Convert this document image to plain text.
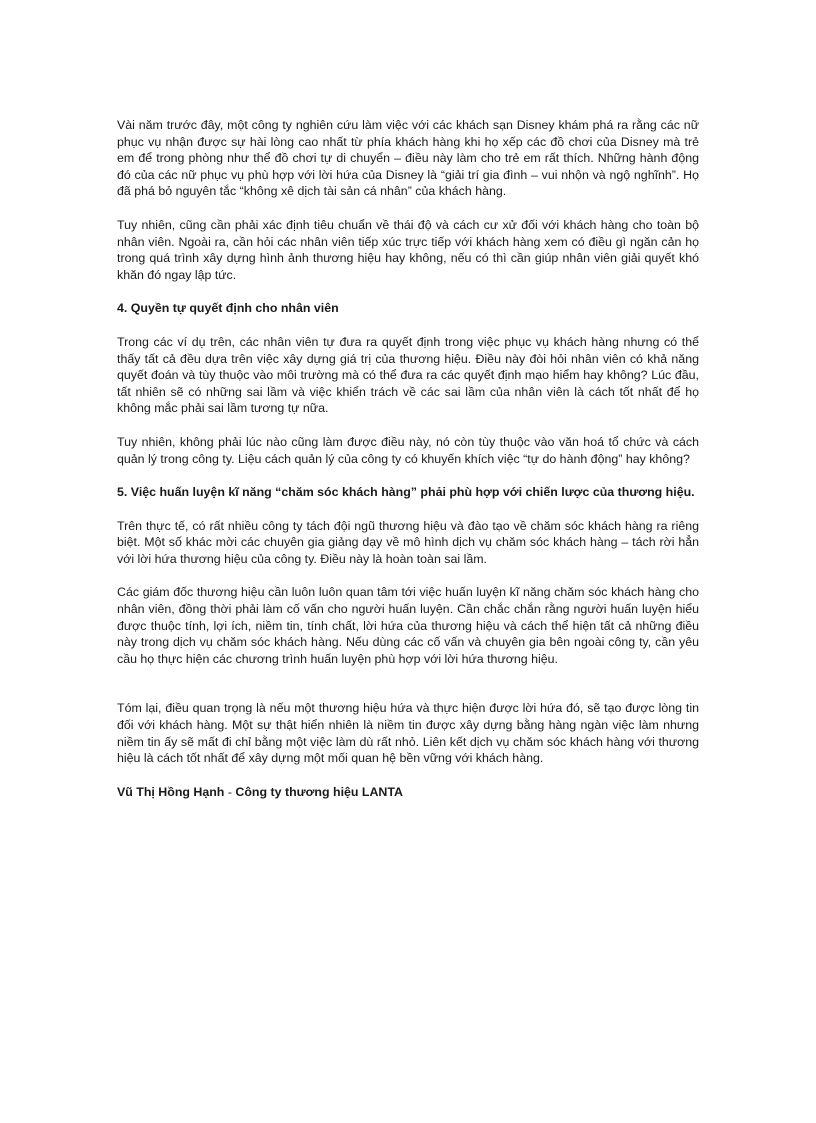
Vài năm trước đây, một công ty nghiên cứu làm việc với các khách sạn Disney khám phá ra rằng các nữ phục vụ nhận được sự hài lòng cao nhất từ phía khách hàng khi họ xếp các đồ chơi của Disney mà trẻ em để trong phòng như thể đồ chơi tự di chuyển – điều này làm cho trẻ em rất thích. Những hành động đó của các nữ phục vụ phù hợp với lời hứa của Disney là “giải trí gia đình – vui nhộn và ngộ nghĩnh”. Họ đã phá bỏ nguyên tắc “không xê dịch tài sản cá nhân” của khách hàng.

Tuy nhiên, cũng cần phải xác định tiêu chuẩn về thái độ và cách cư xử đối với khách hàng cho toàn bộ nhân viên. Ngoài ra, cần hỏi các nhân viên tiếp xúc trực tiếp với khách hàng xem có điều gì ngăn cản họ trong quá trình xây dựng hình ảnh thương hiệu hay không, nếu có thì cần giúp nhân viên giải quyết khó khăn đó ngay lập tức.

4. Quyền tự quyết định cho nhân viên

Trong các ví dụ trên, các nhân viên tự đưa ra quyết định trong việc phục vụ khách hàng nhưng có thể thấy tất cả đều dựa trên việc xây dựng giá trị của thương hiệu. Điều này đòi hỏi nhân viên có khả năng quyết đoán và tùy thuộc vào môi trường mà có thể đưa ra các quyết định mạo hiểm hay không? Lúc đầu, tất nhiên sẽ có những sai lầm và việc khiển trách về các sai lầm của nhân viên là cách tốt nhất để họ không mắc phải sai lầm tương tự nữa.

Tuy nhiên, không phải lúc nào cũng làm được điều này, nó còn tùy thuộc vào văn hoá tổ chức và cách quản lý trong công ty. Liệu cách quản lý của công ty có khuyến khích việc “tự do hành động” hay không?

5. Việc huấn luyện kĩ năng “chăm sóc khách hàng” phải phù hợp với chiến lược của thương hiệu.

Trên thực tế, có rất nhiều công ty tách đội ngũ thương hiệu và đào tạo về chăm sóc khách hàng ra riêng biệt. Một số khác mời các chuyên gia giảng dạy về mô hình dịch vụ chăm sóc khách hàng – tách rời hẳn với lời hứa thương hiệu của công ty. Điều này là hoàn toàn sai lầm.

Các giám đốc thương hiệu cần luôn luôn quan tâm tới việc huấn luyện kĩ năng chăm sóc khách hàng cho nhân viên, đồng thời phải làm cố vấn cho người huấn luyện. Cần chắc chắn rằng người huấn luyện hiểu được thuộc tính, lợi ích, niềm tin, tính chất, lời hứa của thương hiệu và cách thể hiện tất cả những điều này trong dịch vụ chăm sóc khách hàng. Nếu dùng các cố vấn và chuyên gia bên ngoài công ty, cần yêu cầu họ thực hiện các chương trình huấn luyện phù hợp với lời hứa thương hiệu.

Tóm lại, điều quan trọng là nếu một thương hiệu hứa và thực hiện được lời hứa đó, sẽ tạo được lòng tin đối với khách hàng. Một sự thật hiển nhiên là niềm tin được xây dựng bằng hàng ngàn việc làm nhưng niềm tin ấy sẽ mất đi chỉ bằng một việc làm dù rất nhỏ. Liên kết dịch vụ chăm sóc khách hàng với thương hiệu là cách tốt nhất để xây dựng một mối quan hệ bền vững với khách hàng.

Vũ Thị Hồng Hạnh - Công ty thương hiệu LANTA
